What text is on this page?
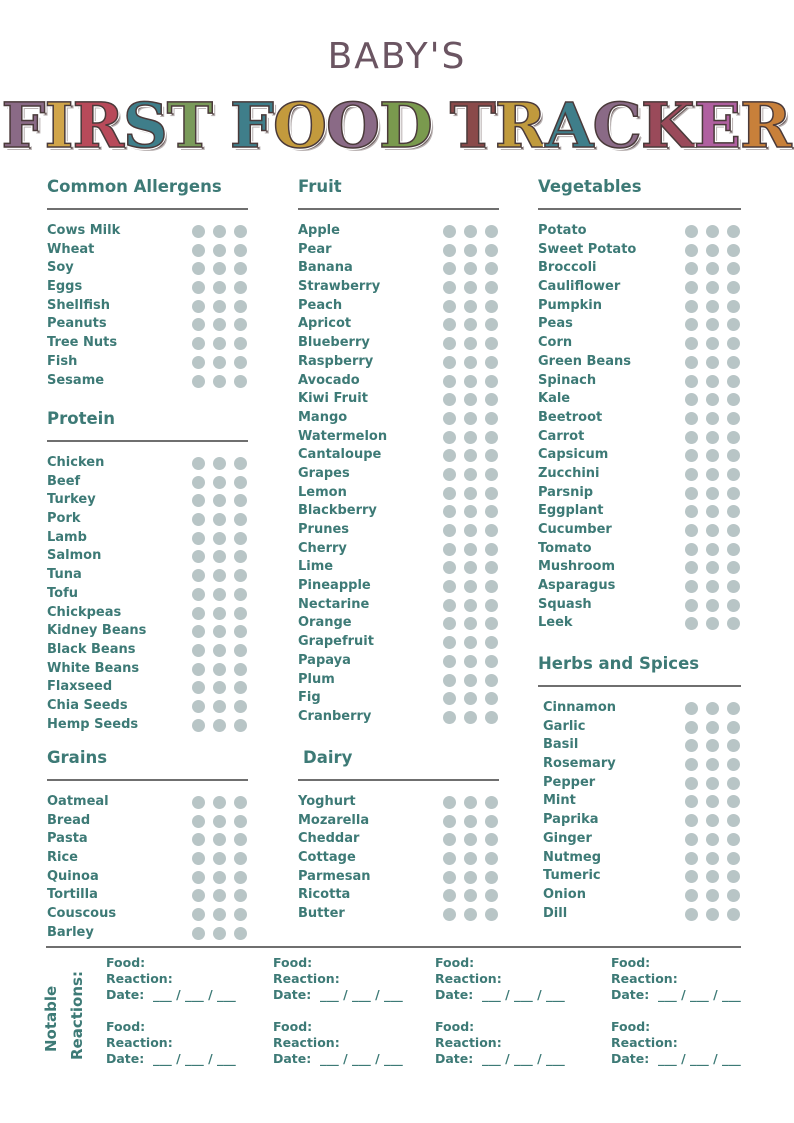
BABY'S
FIRST FOOD TRACKER
Common Allergens
Cows Milk
Wheat
Soy
Eggs
Shellfish
Peanuts
Tree Nuts
Fish
Sesame
Protein
Chicken
Beef
Turkey
Pork
Lamb
Salmon
Tuna
Tofu
Chickpeas
Kidney Beans
Black Beans
White Beans
Flaxseed
Chia Seeds
Hemp Seeds
Grains
Oatmeal
Bread
Pasta
Rice
Quinoa
Tortilla
Couscous
Barley
Fruit
Apple
Pear
Banana
Strawberry
Peach
Apricot
Blueberry
Raspberry
Avocado
Kiwi Fruit
Mango
Watermelon
Cantaloupe
Grapes
Lemon
Blackberry
Prunes
Cherry
Lime
Pineapple
Nectarine
Orange
Grapefruit
Papaya
Plum
Fig
Cranberry
Dairy
Yoghurt
Mozarella
Cheddar
Cottage
Parmesan
Ricotta
Butter
Vegetables
Potato
Sweet Potato
Broccoli
Cauliflower
Pumpkin
Peas
Corn
Green Beans
Spinach
Kale
Beetroot
Carrot
Capsicum
Zucchini
Parsnip
Eggplant
Cucumber
Tomato
Mushroom
Asparagus
Squash
Leek
Herbs and Spices
Cinnamon
Garlic
Basil
Rosemary
Pepper
Mint
Paprika
Ginger
Nutmeg
Tumeric
Onion
Dill
Notable Reactions:
Food:
Reaction:
Date: ___ / ___ / ___
Food:
Reaction:
Date: ___ / ___ / ___
Food:
Reaction:
Date: ___ / ___ / ___
Food:
Reaction:
Date: ___ / ___ / ___
Food:
Reaction:
Date: ___ / ___ / ___
Food:
Reaction:
Date: ___ / ___ / ___
Food:
Reaction:
Date: ___ / ___ / ___
Food:
Reaction:
Date: ___ / ___ / ___
